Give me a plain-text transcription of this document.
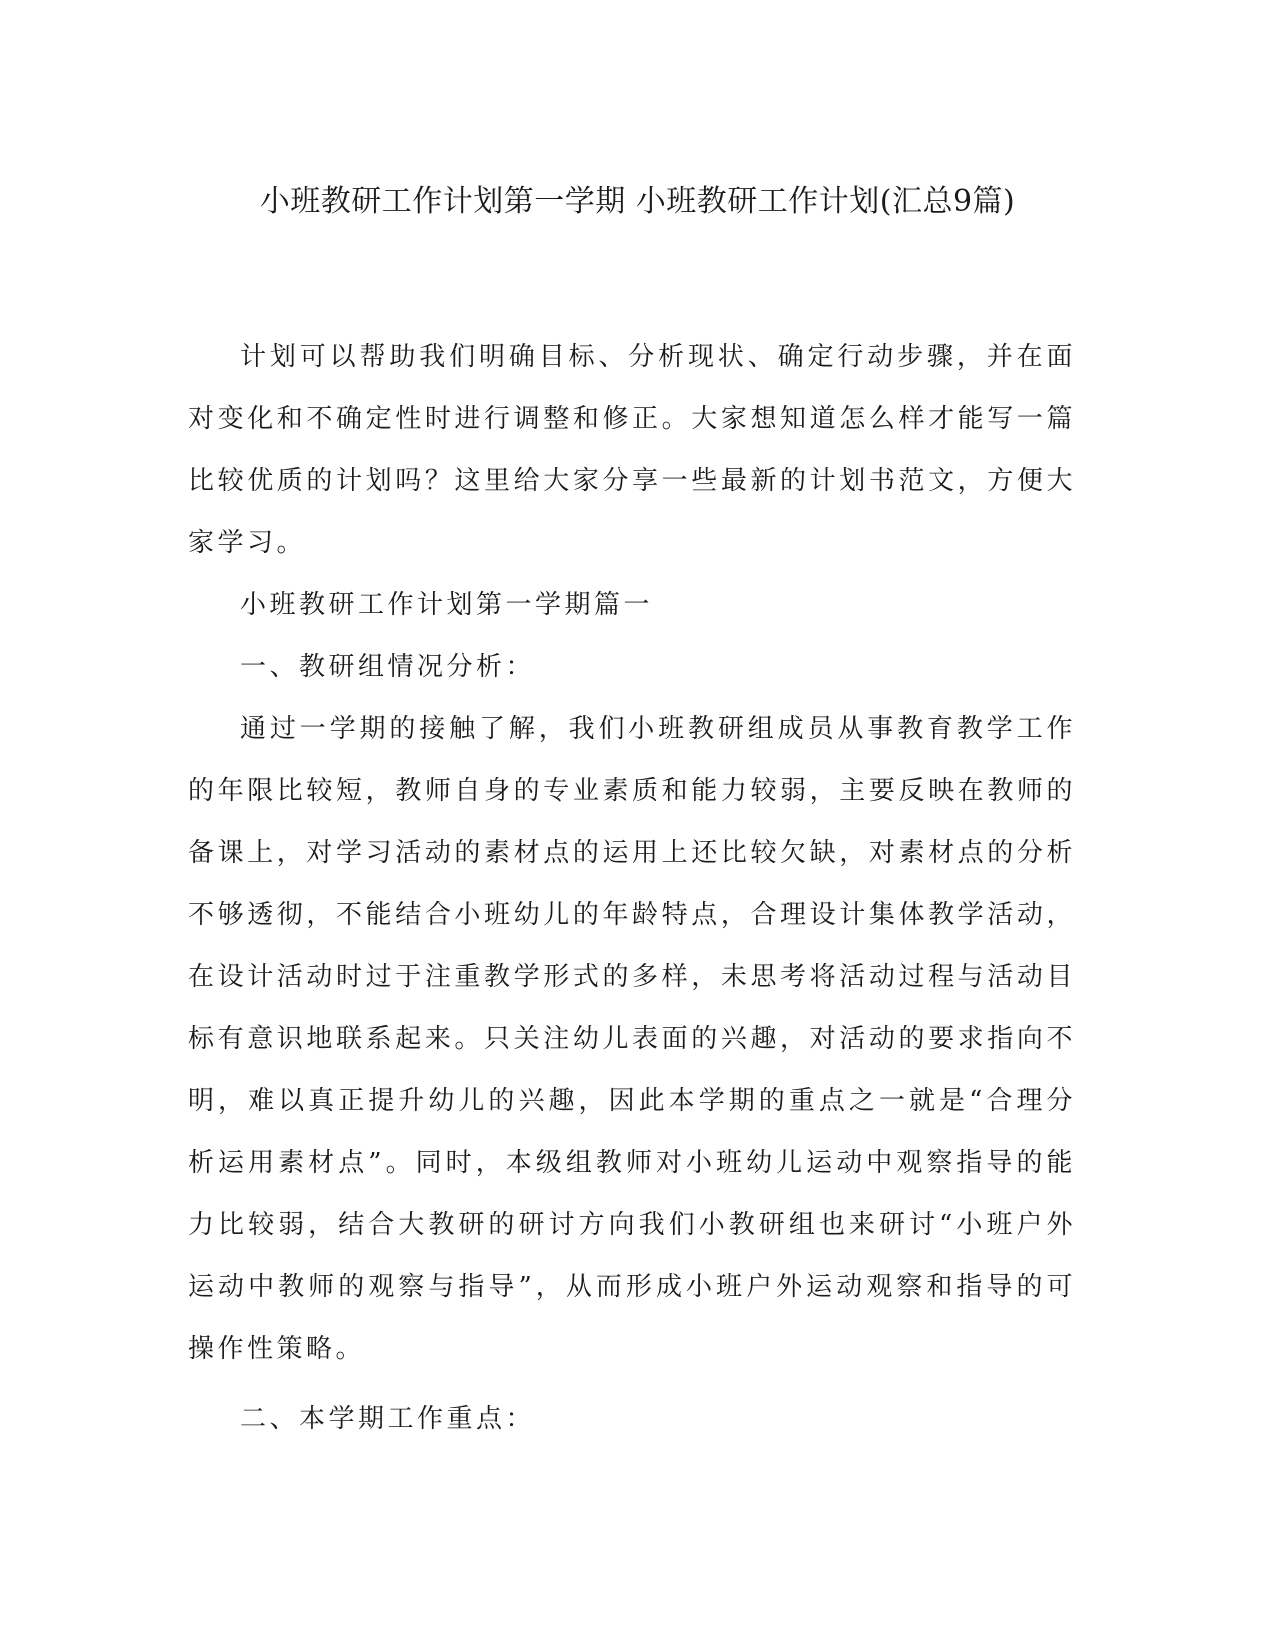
小班教研工作计划第一学期 小班教研工作计划(汇总9篇)

计划可以帮助我们明确目标、分析现状、确定行动步骤，并在面对变化和不确定性时进行调整和修正。大家想知道怎么样才能写一篇比较优质的计划吗？这里给大家分享一些最新的计划书范文，方便大家学习。

小班教研工作计划第一学期篇一

一、教研组情况分析：

通过一学期的接触了解，我们小班教研组成员从事教育教学工作的年限比较短，教师自身的专业素质和能力较弱，主要反映在教师的备课上，对学习活动的素材点的运用上还比较欠缺，对素材点的分析不够透彻，不能结合小班幼儿的年龄特点，合理设计集体教学活动，在设计活动时过于注重教学形式的多样，未思考将活动过程与活动目标有意识地联系起来。只关注幼儿表面的兴趣，对活动的要求指向不明，难以真正提升幼儿的兴趣，因此本学期的重点之一就是“合理分析运用素材点”。同时，本级组教师对小班幼儿运动中观察指导的能力比较弱，结合大教研的研讨方向我们小教研组也来研讨“小班户外运动中教师的观察与指导”，从而形成小班户外运动观察和指导的可操作性策略。

二、本学期工作重点：
